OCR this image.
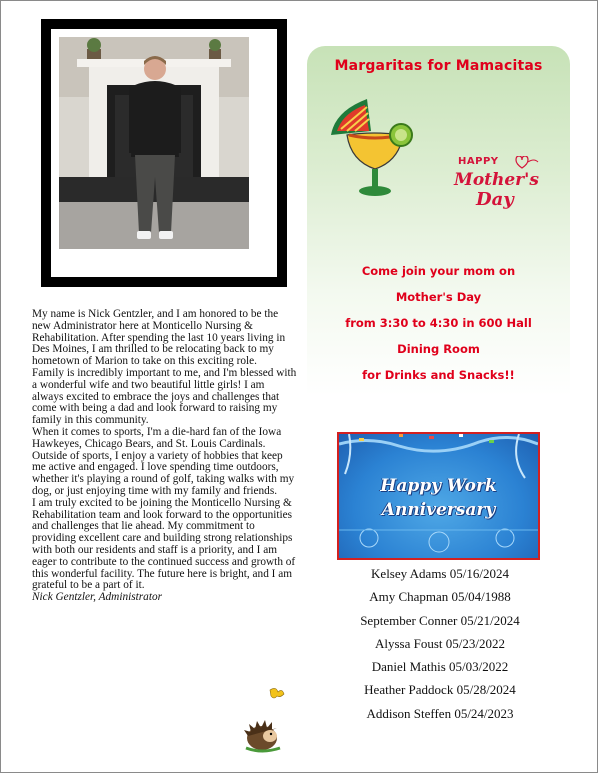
My name is Nick Gentzler, and I am honored to be the new Administrator here at Monticello Nursing & Rehabilitation. After spending the last 10 years living in Des Moines, I am thrilled to be relocating back to my hometown of Marion to take on this exciting role.

Family is incredibly important to me, and I'm blessed with a wonderful wife and two beautiful little girls! I am always excited to embrace the joys and challenges that come with being a dad and look forward to raising my family in this community.

When it comes to sports, I'm a die-hard fan of the Iowa Hawkeyes, Chicago Bears, and St. Louis Cardinals. Outside of sports, I enjoy a variety of hobbies that keep me active and engaged. I love spending time outdoors, whether it's playing a round of golf, taking walks with my dog, or just enjoying time with my family and friends.

I am truly excited to be joining the Monticello Nursing & Rehabilitation team and look forward to the opportunities and challenges that lie ahead. My commitment to providing excellent care and building strong relationships with both our residents and staff is a priority, and I am eager to contribute to the continued success and growth of this wonderful facility. The future here is bright, and I am grateful to be a part of it.

Nick Gentzler, Administrator

Margaritas for Mamacitas
HAPPY
Mother's
Day
Come join your mom on
Mother's Day
from 3:30 to 4:30 in 600 Hall
Dining Room
for Drinks and Snacks!!
Happy Work
Anniversary
Kelsey Adams 05/16/2024
Amy Chapman 05/04/1988
September Conner 05/21/2024
Alyssa Foust 05/23/2022
Daniel Mathis 05/03/2022
Heather Paddock 05/28/2024
Addison Steffen 05/24/2023
